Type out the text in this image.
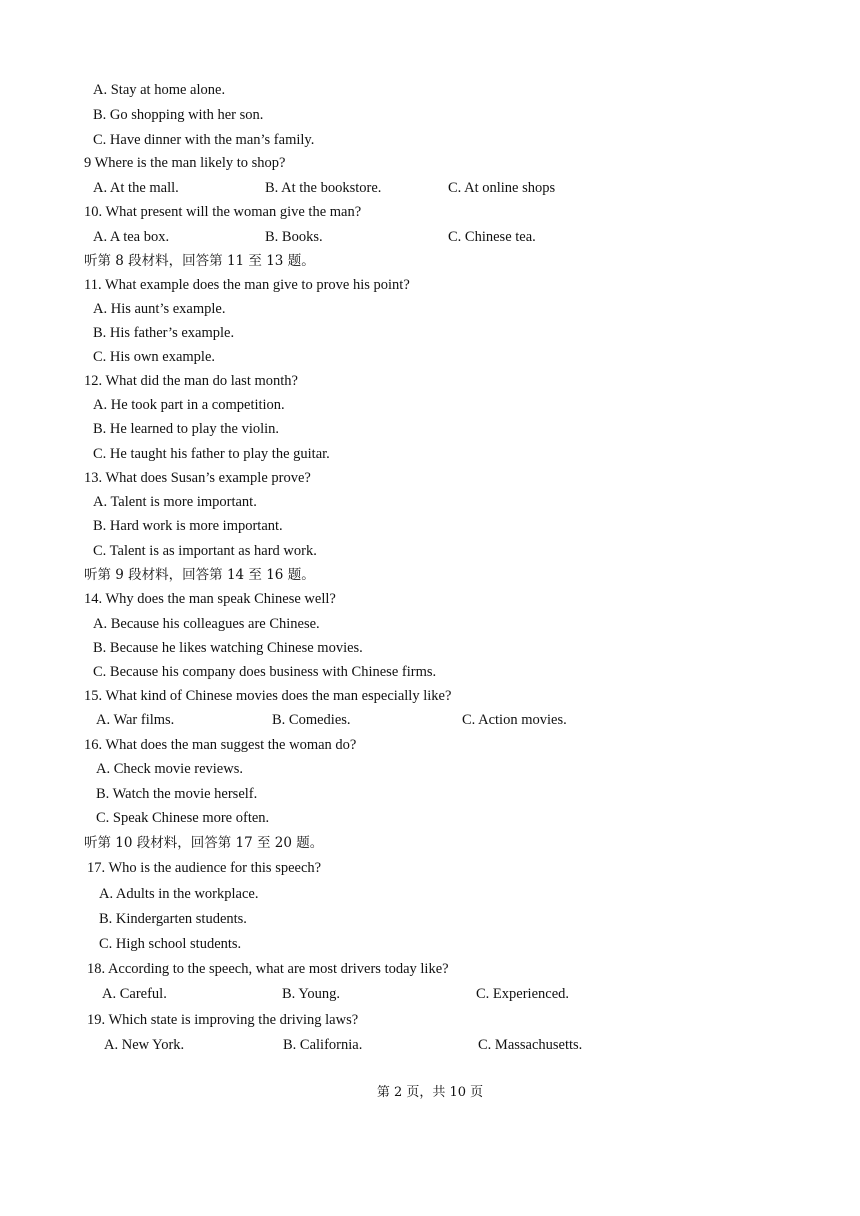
A. Stay at home alone.
B. Go shopping with her son.
C. Have dinner with the man’s family.
9 Where is the man likely to shop?
A. At the mall.	B. At the bookstore.	C. At online shops
10. What present will the woman give the man?
A. A tea box.	B. Books.	C. Chinese tea.
听第 8 段材料，回答第 11 至 13 题。
11. What example does the man give to prove his point?
A. His aunt’s example.
B. His father’s example.
C. His own example.
12. What did the man do last month?
A. He took part in a competition.
B. He learned to play the violin.
C. He taught his father to play the guitar.
13. What does Susan’s example prove?
A. Talent is more important.
B. Hard work is more important.
C. Talent is as important as hard work.
听第 9 段材料，回答第 14 至 16 题。
14. Why does the man speak Chinese well?
A. Because his colleagues are Chinese.
B. Because he likes watching Chinese movies.
C. Because his company does business with Chinese firms.
15. What kind of Chinese movies does the man especially like?
A. War films.	B. Comedies.	C. Action movies.
16. What does the man suggest the woman do?
A. Check movie reviews.
B. Watch the movie herself.
C. Speak Chinese more often.
听第 10 段材料，回答第 17 至 20 题。
17. Who is the audience for this speech?
A. Adults in the workplace.
B. Kindergarten students.
C. High school students.
18. According to the speech, what are most drivers today like?
A. Careful.	B. Young.	C. Experienced.
19. Which state is improving the driving laws?
A. New York.	B. California.	C. Massachusetts.
第 2 页，共 10 页
